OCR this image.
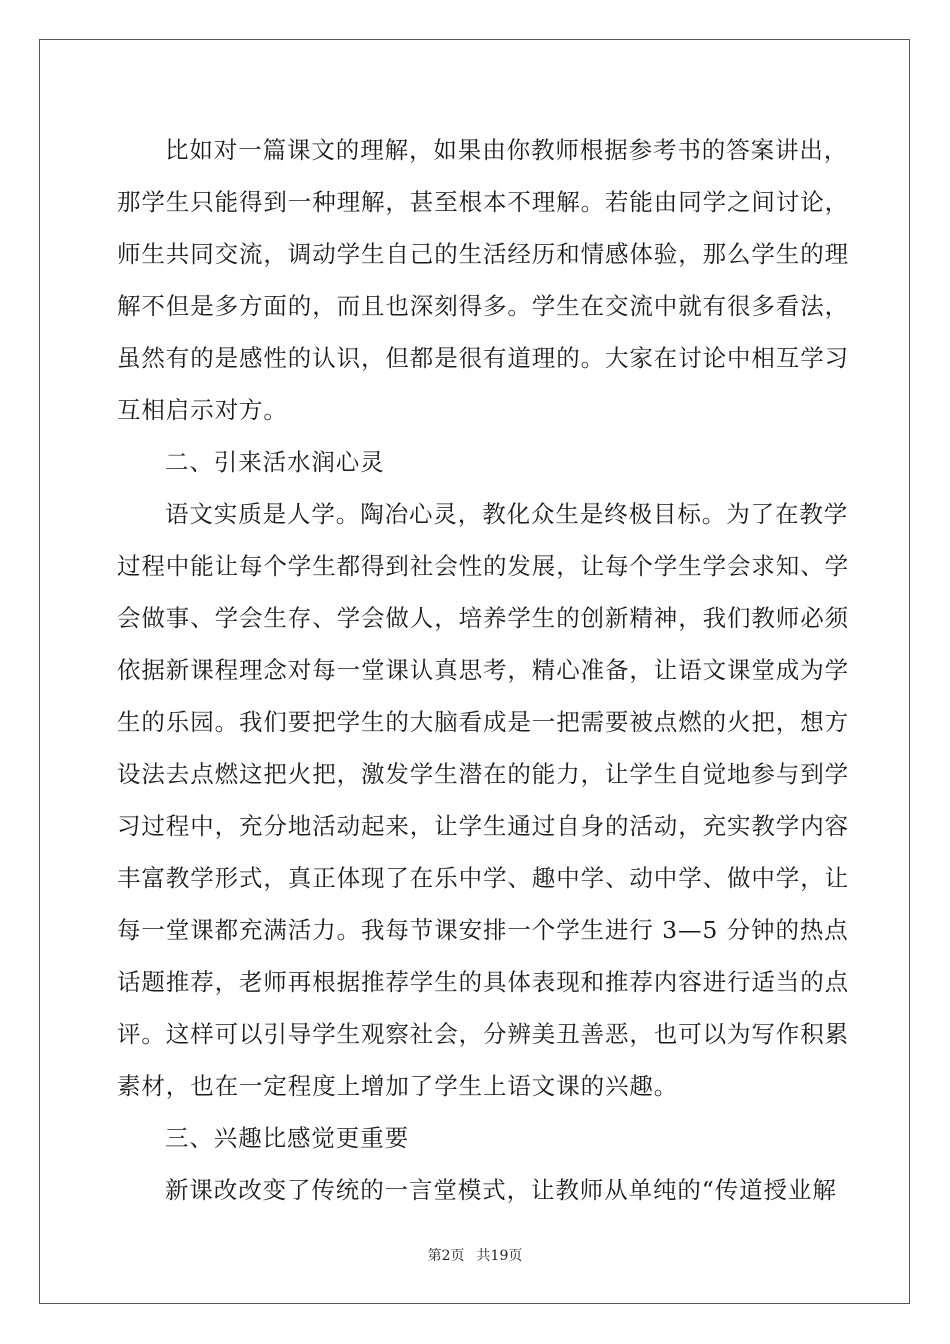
比如对一篇课文的理解，如果由你教师根据参考书的答案讲出，
那学生只能得到一种理解，甚至根本不理解。若能由同学之间讨论，
师生共同交流，调动学生自己的生活经历和情感体验，那么学生的理
解不但是多方面的，而且也深刻得多。学生在交流中就有很多看法，
虽然有的是感性的认识，但都是很有道理的。大家在讨论中相互学习
互相启示对方。
二、引来活水润心灵
语文实质是人学。陶冶心灵，教化众生是终极目标。为了在教学
过程中能让每个学生都得到社会性的发展，让每个学生学会求知、学
会做事、学会生存、学会做人，培养学生的创新精神，我们教师必须
依据新课程理念对每一堂课认真思考，精心准备，让语文课堂成为学
生的乐园。我们要把学生的大脑看成是一把需要被点燃的火把，想方
设法去点燃这把火把，激发学生潜在的能力，让学生自觉地参与到学
习过程中，充分地活动起来，让学生通过自身的活动，充实教学内容
丰富教学形式，真正体现了在乐中学、趣中学、动中学、做中学，让
每一堂课都充满活力。我每节课安排一个学生进行 3—5 分钟的热点
话题推荐，老师再根据推荐学生的具体表现和推荐内容进行适当的点
评。这样可以引导学生观察社会，分辨美丑善恶，也可以为写作积累
素材，也在一定程度上增加了学生上语文课的兴趣。
三、兴趣比感觉更重要
新课改改变了传统的一言堂模式，让教师从单纯的“传道授业解
第2页 共19页
